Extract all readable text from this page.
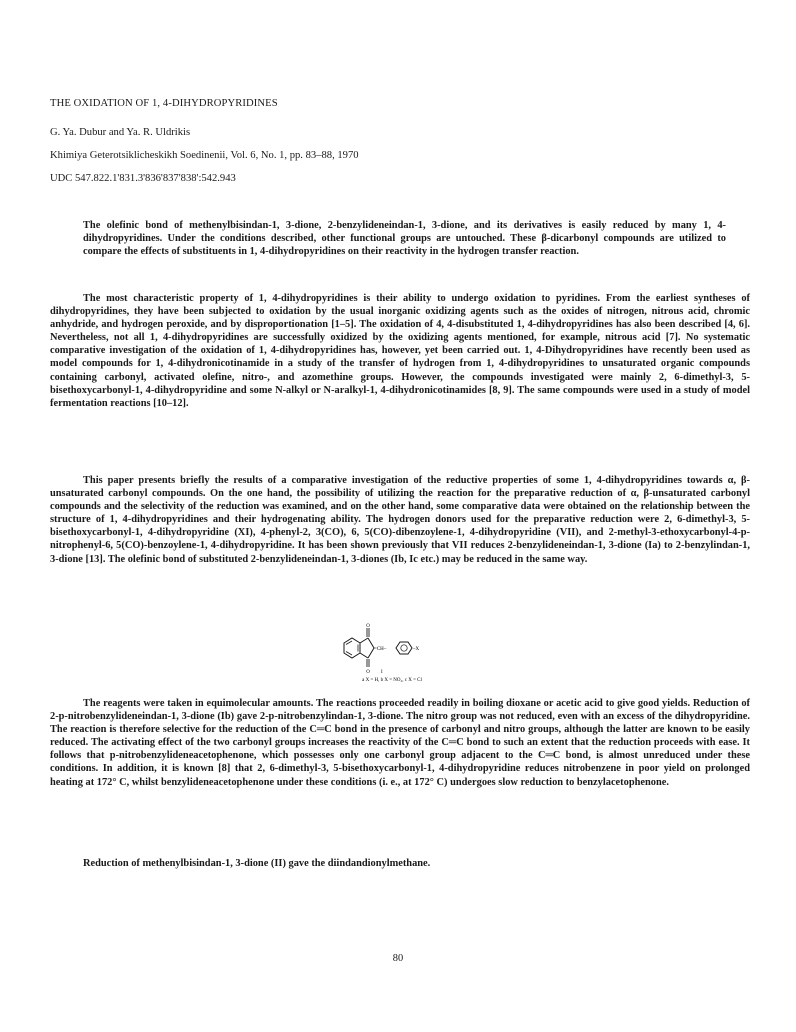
THE OXIDATION OF 1, 4-DIHYDROPYRIDINES
G. Ya. Dubur and Ya. R. Uldrikis
Khimiya Geterotsiklicheskikh Soedinenii, Vol. 6, No. 1, pp. 83–88, 1970
UDC 547.822.1'831.3'836'837'838':542.943
The olefinic bond of methenylbisindan-1, 3-dione, 2-benzylideneindan-1, 3-dione, and its derivatives is easily reduced by many 1, 4-dihydropyridines. Under the conditions described, other functional groups are untouched. These β-dicarbonyl compounds are utilized to compare the effects of substituents in 1, 4-dihydropyridines on their reactivity in the hydrogen transfer reaction.
The most characteristic property of 1, 4-dihydropyridines is their ability to undergo oxidation to pyridines. From the earliest syntheses of dihydropyridines, they have been subjected to oxidation by the usual inorganic oxidizing agents such as the oxides of nitrogen, nitrous acid, chromic anhydride, and hydrogen peroxide, and by disproportionation [1–5]. The oxidation of 4, 4-disubstituted 1, 4-dihydropyridines has also been described [4, 6]. Nevertheless, not all 1, 4-dihydropyridines are successfully oxidized by the oxidizing agents mentioned, for example, nitrous acid [7]. No systematic comparative investigation of the oxidation of 1, 4-dihydropyridines has, however, yet been carried out. 1, 4-Dihydropyridines have recently been used as model compounds for 1, 4-dihydronicotinamide in a study of the transfer of hydrogen from 1, 4-dihydropyridines to unsaturated organic compounds containing carbonyl, activated olefine, nitro-, and azomethine groups. However, the compounds investigated were mainly 2, 6-dimethyl-3, 5-bisethoxycarbonyl-1, 4-dihydropyridine and some N-alkyl or N-aralkyl-1, 4-dihydronicotinamides [8, 9]. The same compounds were used in a study of model fermentation reactions [10–12].
This paper presents briefly the results of a comparative investigation of the reductive properties of some 1, 4-dihydropyridines towards α, β-unsaturated carbonyl compounds. On the one hand, the possibility of utilizing the reaction for the preparative reduction of α, β-unsaturated carbonyl compounds and the selectivity of the reduction was examined, and on the other hand, some comparative data were obtained on the relationship between the structure of 1, 4-dihydropyridines and their hydrogenating ability. The hydrogen donors used for the preparative reduction were 2, 6-dimethyl-3, 5-bisethoxycarbonyl-1, 4-dihydropyridine (XI), 4-phenyl-2, 3(CO), 6, 5(CO)-dibenzoylene-1, 4-dihydropyridine (VII), and 2-methyl-3-ethoxycarbonyl-4-p-nitrophenyl-6, 5(CO)-benzoylene-1, 4-dihydropyridine. It has been shown previously that VII reduces 2-benzylideneindan-1, 3-dione (Ia) to 2-benzylindan-1, 3-dione [13]. The olefinic bond of substituted 2-benzylideneindan-1, 3-diones (Ib, Ic etc.) may be reduced in the same way.
O
O
=CH–	–X
I
a X = H, b X = NO₂, c X = Cl
The reagents were taken in equimolecular amounts. The reactions proceeded readily in boiling dioxane or acetic acid to give good yields. Reduction of 2-p-nitrobenzylideneindan-1, 3-dione (Ib) gave 2-p-nitrobenzylindan-1, 3-dione. The nitro group was not reduced, even with an excess of the dihydropyridine. The reaction is therefore selective for the reduction of the C═C bond in the presence of carbonyl and nitro groups, although the latter are known to be easily reduced. The activating effect of the two carbonyl groups increases the reactivity of the C═C bond to such an extent that the reduction proceeds with ease. It follows that p-nitrobenzylideneacetophenone, which possesses only one carbonyl group adjacent to the C═C bond, is almost unreduced under these conditions. In addition, it is known [8] that 2, 6-dimethyl-3, 5-bisethoxycarbonyl-1, 4-dihydropyridine reduces nitrobenzene in poor yield on prolonged heating at 172° C, whilst benzylideneacetophenone under these conditions (i. e., at 172° C) undergoes slow reduction to benzylacetophenone.
Reduction of methenylbisindan-1, 3-dione (II) gave the diindandionylmethane.
80
